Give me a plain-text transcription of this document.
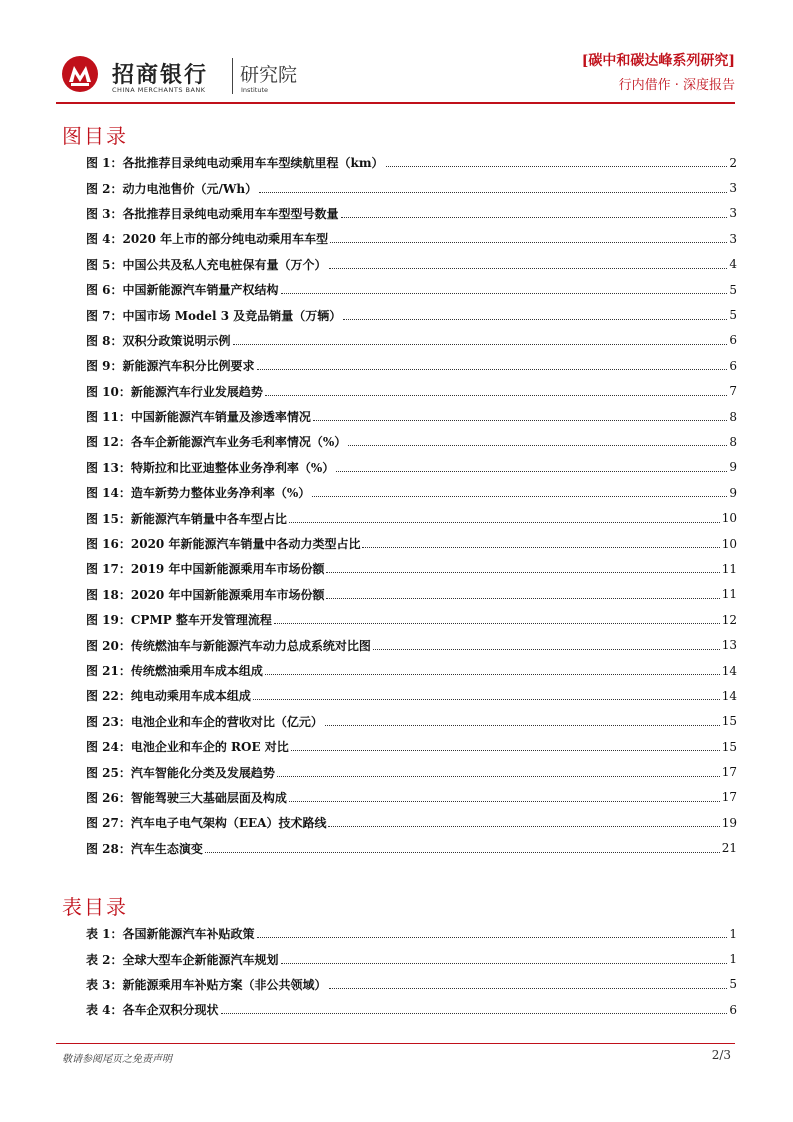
招商银行
CHINA MERCHANTS BANK
研究院
Institute
[碳中和碳达峰系列研究]
行内借作 · 深度报告
图目录
图 1：各批推荐目录纯电动乘用车车型续航里程（km）	2
图 2：动力电池售价（元/Wh）	3
图 3：各批推荐目录纯电动乘用车车型型号数量	3
图 4：2020 年上市的部分纯电动乘用车车型	3
图 5：中国公共及私人充电桩保有量（万个）	4
图 6：中国新能源汽车销量产权结构	5
图 7：中国市场 Model 3 及竞品销量（万辆）	5
图 8：双积分政策说明示例	6
图 9：新能源汽车积分比例要求	6
图 10：新能源汽车行业发展趋势	7
图 11：中国新能源汽车销量及渗透率情况	8
图 12：各车企新能源汽车业务毛利率情况（%）	8
图 13：特斯拉和比亚迪整体业务净利率（%）	9
图 14：造车新势力整体业务净利率（%）	9
图 15：新能源汽车销量中各车型占比	10
图 16：2020 年新能源汽车销量中各动力类型占比	10
图 17：2019 年中国新能源乘用车市场份额	11
图 18：2020 年中国新能源乘用车市场份额	11
图 19：CPMP 整车开发管理流程	12
图 20：传统燃油车与新能源汽车动力总成系统对比图	13
图 21：传统燃油乘用车成本组成	14
图 22：纯电动乘用车成本组成	14
图 23：电池企业和车企的营收对比（亿元）	15
图 24：电池企业和车企的 ROE 对比	15
图 25：汽车智能化分类及发展趋势	17
图 26：智能驾驶三大基础层面及构成	17
图 27：汽车电子电气架构（EEA）技术路线	19
图 28：汽车生态演变	21
表目录
表 1：各国新能源汽车补贴政策	1
表 2：全球大型车企新能源汽车规划	1
表 3：新能源乘用车补贴方案（非公共领域）	5
表 4：各车企双积分现状	6
敬请参阅尾页之免责声明	2/3
